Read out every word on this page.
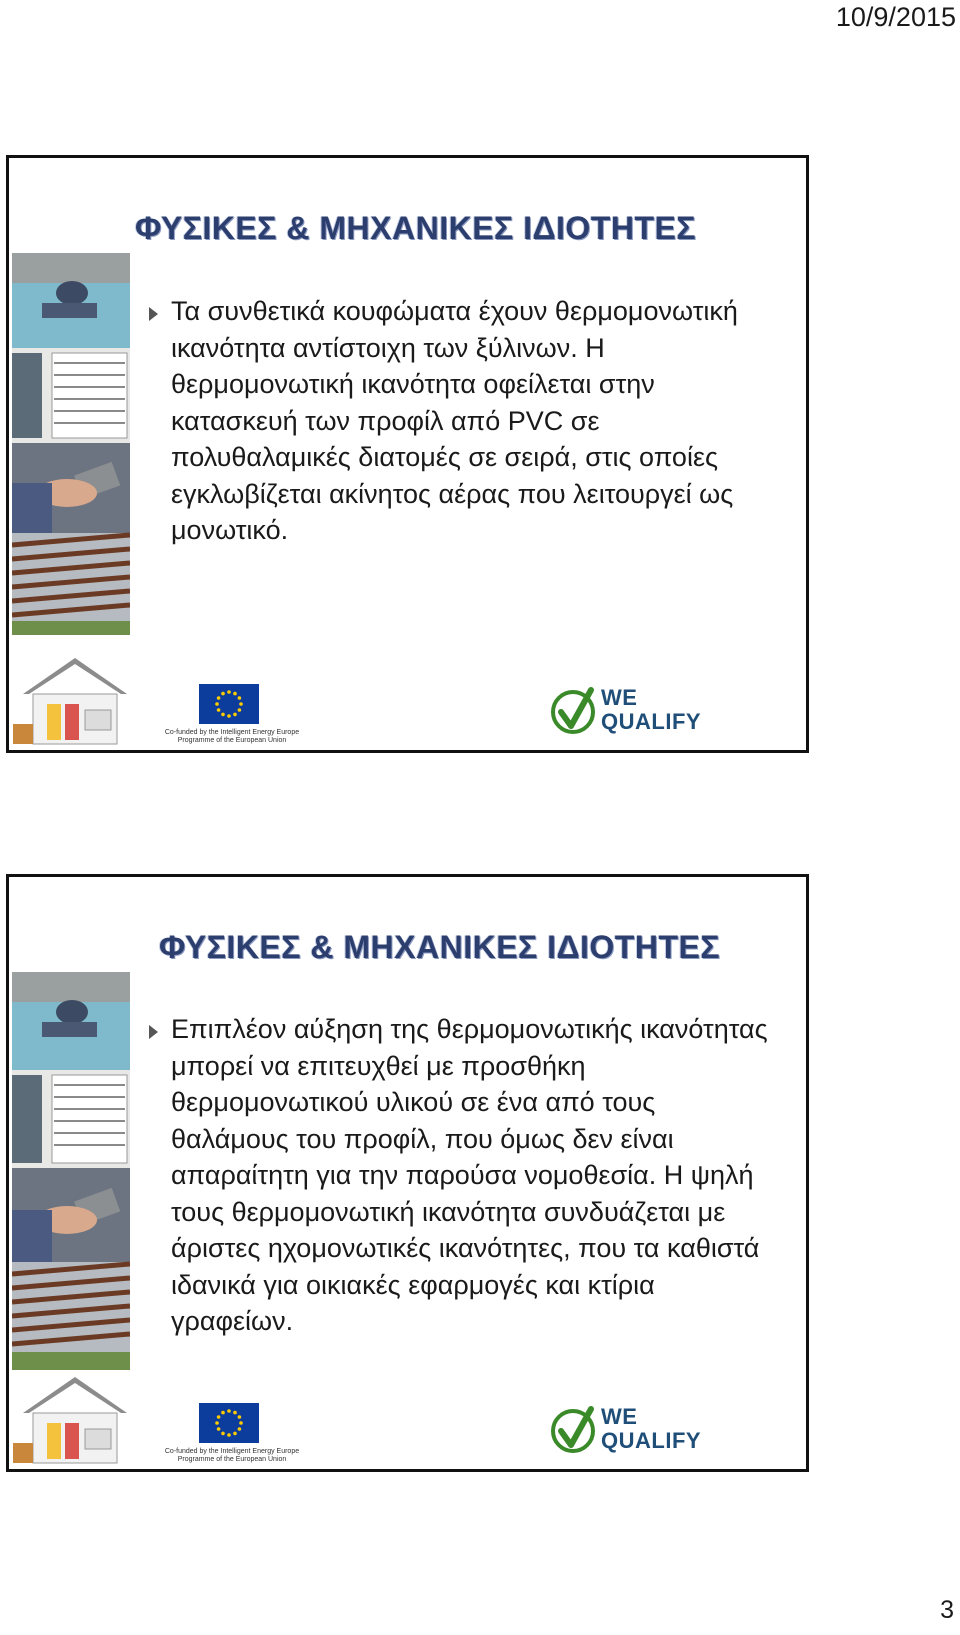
10/9/2015
ΦΥΣΙΚΕΣ & ΜΗΧΑΝΙΚΕΣ ΙΔΙΟΤΗΤΕΣ
Τα συνθετικά κουφώματα έχουν θερμομονωτική ικανότητα αντίστοιχη των ξύλινων. Η θερμομονωτική ικανότητα οφείλεται στην κατασκευή των προφίλ από PVC σε πολυθαλαμικές διατομές σε σειρά, στις οποίες εγκλωβίζεται ακίνητος αέρας που λειτουργεί ως μονωτικό.
Co-funded by the Intelligent Energy Europe Programme of the European Union
WE
QUALIFY
ΦΥΣΙΚΕΣ & ΜΗΧΑΝΙΚΕΣ ΙΔΙΟΤΗΤΕΣ
Επιπλέον αύξηση της θερμομονωτικής ικανότητας μπορεί να επιτευχθεί με προσθήκη θερμομονωτικού υλικού σε ένα από τους θαλάμους του προφίλ, που όμως δεν είναι απαραίτητη για την παρούσα νομοθεσία. Η ψηλή τους θερμομονωτική ικανότητα συνδυάζεται με άριστες ηχομονωτικές ικανότητες, που τα καθιστά ιδανικά για οικιακές εφαρμογές και κτίρια γραφείων.
Co-funded by the Intelligent Energy Europe Programme of the European Union
WE
QUALIFY
3
